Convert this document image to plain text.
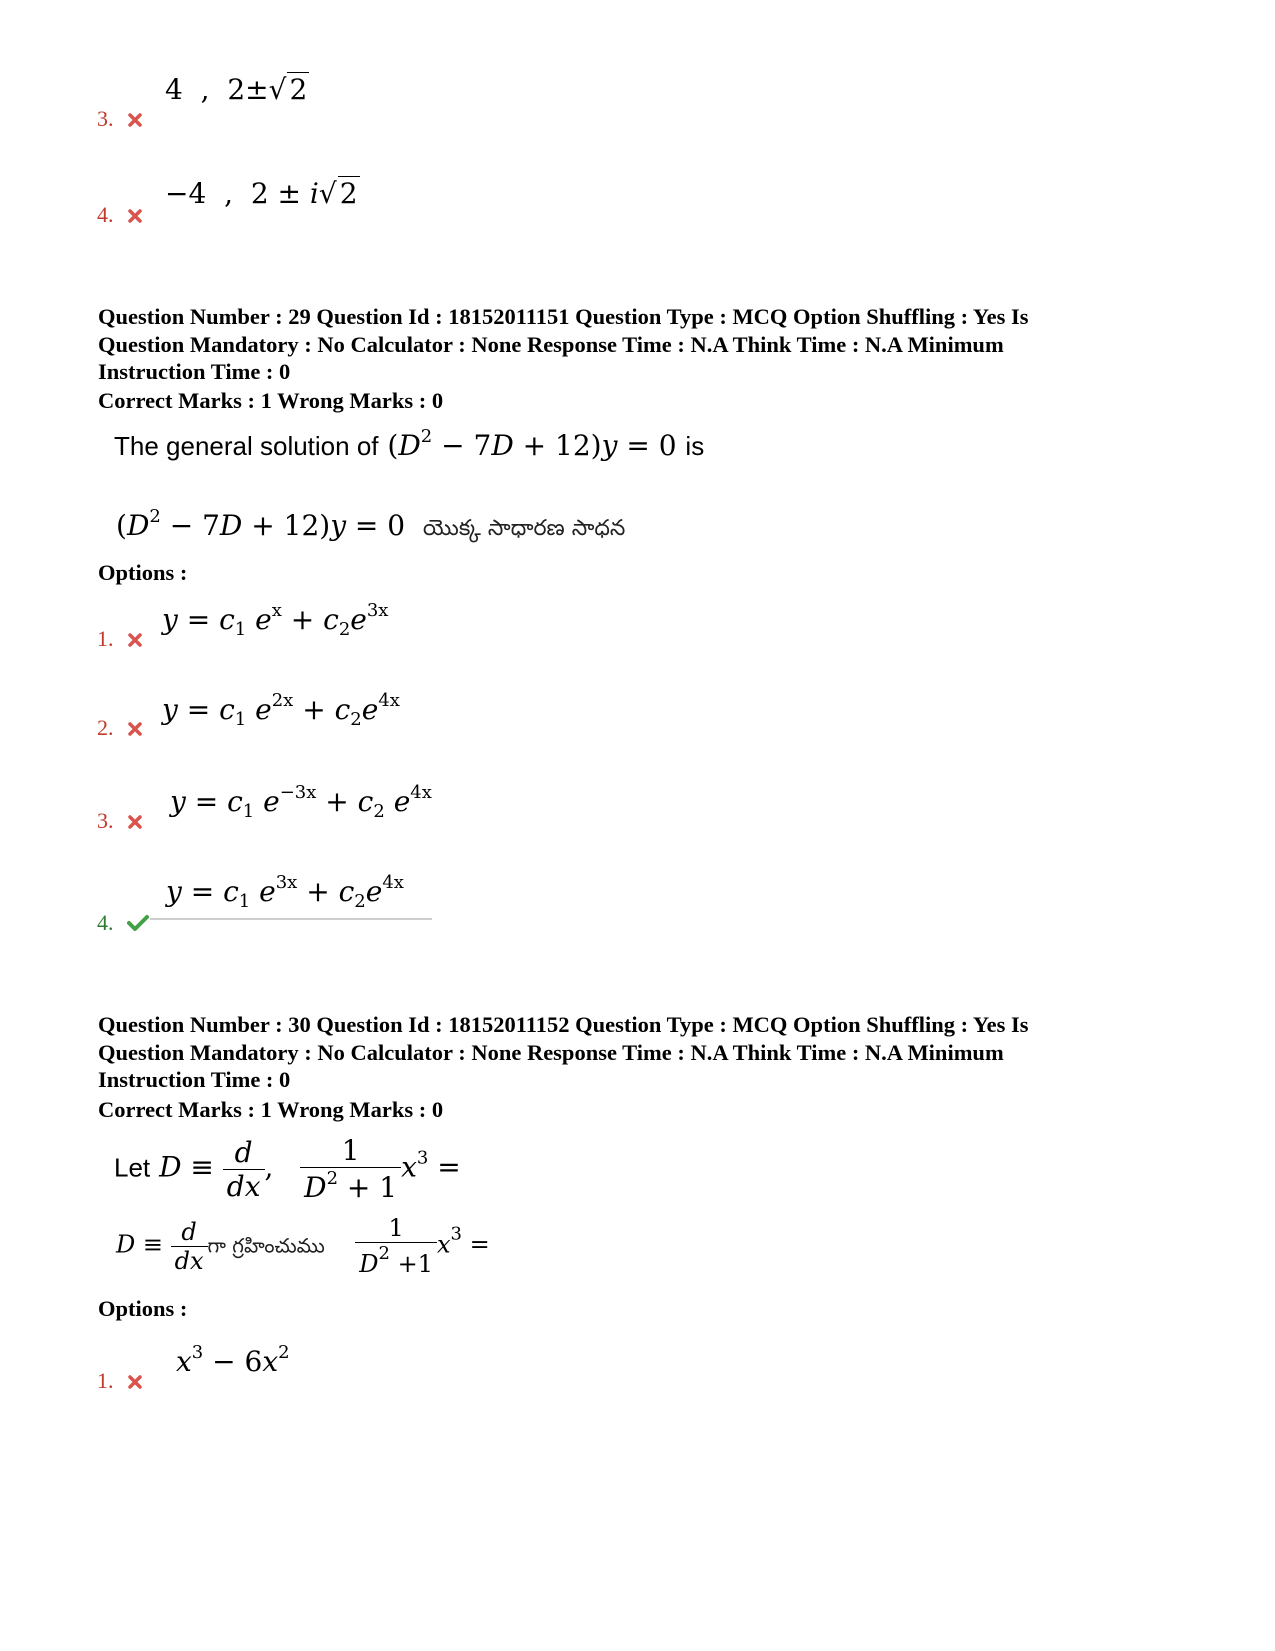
3.
4 , 2±√ 2
4.
−4 , 2 ± i√ 2

Question Number : 29 Question Id : 18152011151 Question Type : MCQ Option Shuffling : Yes Is

Question Mandatory : No Calculator : None Response Time : N.A Think Time : N.A Minimum

Instruction Time : 0

Correct Marks : 1 Wrong Marks : 0
The general solution of $(D^2 - 7D + 12)y = 0$ is
$(D^2 - 7D + 12)y = 0$  యొక్క సాధారణ సాధన
Options :
1.
$y = c_1$ $e^x + c_2e^{3x}$
2.
$y = c_1$ $e^{2x} + c_2e^{4x}$
3.
$y = c_1$ $e^{-3x} + c_2$ $e^{4x}$
4.
$y = c_1$ $e^{3x} + c_2e^{4x}$

Question Number : 30 Question Id : 18152011152 Question Type : MCQ Option Shuffling : Yes Is

Question Mandatory : No Calculator : None Response Time : N.A Think Time : N.A Minimum

Instruction Time : 0

Correct Marks : 1 Wrong Marks : 0
Let $D \equiv \frac{d}{dx}$ , $\frac{1}{D^2 + 1} x^3$ =
$D \equiv \frac{d}{dx}$ గా గ్రహించుము $\frac{1}{D^2 +1} x^3$ =
Options :
1.
$x^3 - 6x^2$
